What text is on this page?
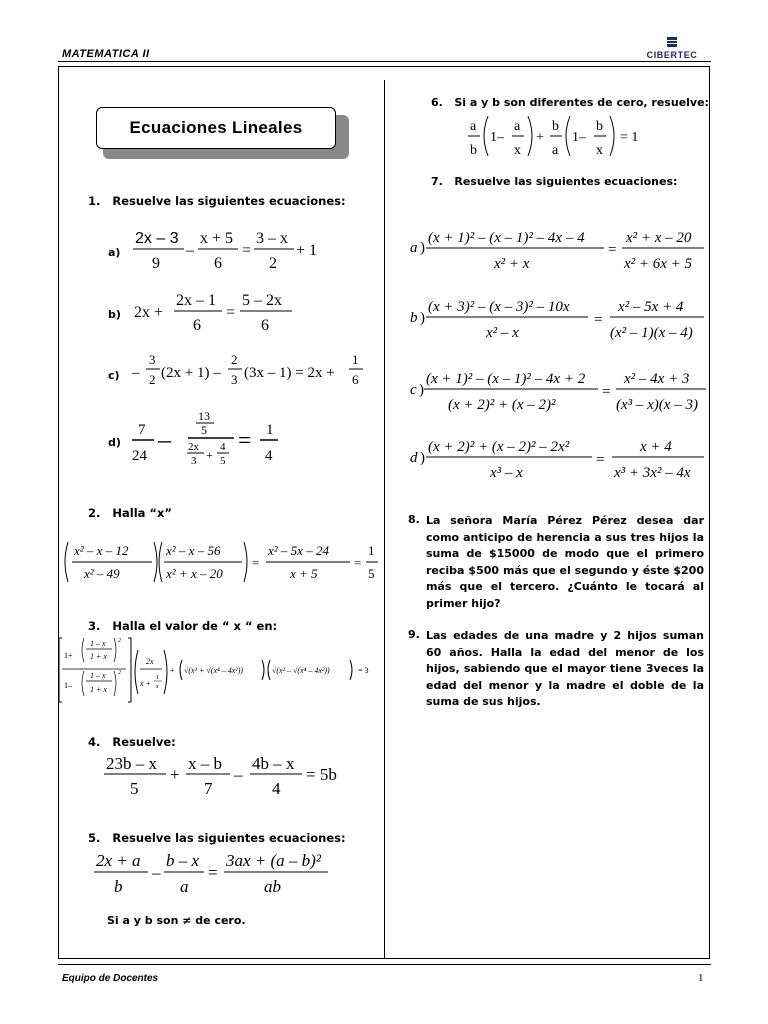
MATEMATICA II	CIBERTEC
Ecuaciones Lineales
1. Resuelve las siguientes ecuaciones:
a)
2x – 3
9
–
x + 5
6
=
3 – x
2
+ 1
b) 2x +
2x – 1
6
=
5 – 2x
6
c) –
3
2 (2x + 1) –
2
3 (3x – 1) = 2x +
1
6
d)
7
24
–
13
5
2x
3 +
4
5
= 1
4
2. Halla “x”
x² – x – 12
x² – 49
x² – x – 56
x² + x – 20
=
x² – 5x – 24
x + 5
=
1
5
3. Halla el valor de “ x “ en:
1+
1 – x
1 + x
2
1–
1 – x
1 + x
2
2x
x +
1
x
+ √(x² + √(x⁴ – 4x²))	√(x² – √(x⁴ – 4x²))	= 3
4. Resuelve:
23b – x
5
+
x – b
7
–
4b – x
4
= 5b
5. Resuelve las siguientes ecuaciones:
2x + a
b
–
b – x
a
=
3ax + (a – b)²
ab
Si a y b son ≠ de cero.
6. Si a y b son diferentes de cero, resuelve:
a
b
1–
a
x
+
b
a
1–
b
x
= 1
7. Resuelve las siguientes ecuaciones:
a )
(x + 1)² – (x – 1)² – 4x – 4
x² + x
=
x² + x – 20
x² + 6x + 5
b )
(x + 3)² – (x – 3)² – 10x
x² – x
=
x² – 5x + 4
(x² – 1)(x – 4)
c )
(x + 1)² – (x – 1)² – 4x + 2
(x + 2)² + (x – 2)²
=
x² – 4x + 3
(x³ – x)(x – 3)
d )
(x + 2)² + (x – 2)² – 2x²
x³ – x
=
x + 4
x³ + 3x² – 4x
8. La señora María Pérez Pérez desea dar como anticipo de herencia a sus tres hijos la suma de $15000 de modo que el primero reciba $500 más que el segundo y éste $200 más que el tercero. ¿Cuánto le tocará al primer hijo?
9. Las edades de una madre y 2 hijos suman 60 años. Halla la edad del menor de los hijos, sabiendo que el mayor tiene 3veces la edad del menor y la madre el doble de la suma de sus hijos.
Equipo de Docentes	1
